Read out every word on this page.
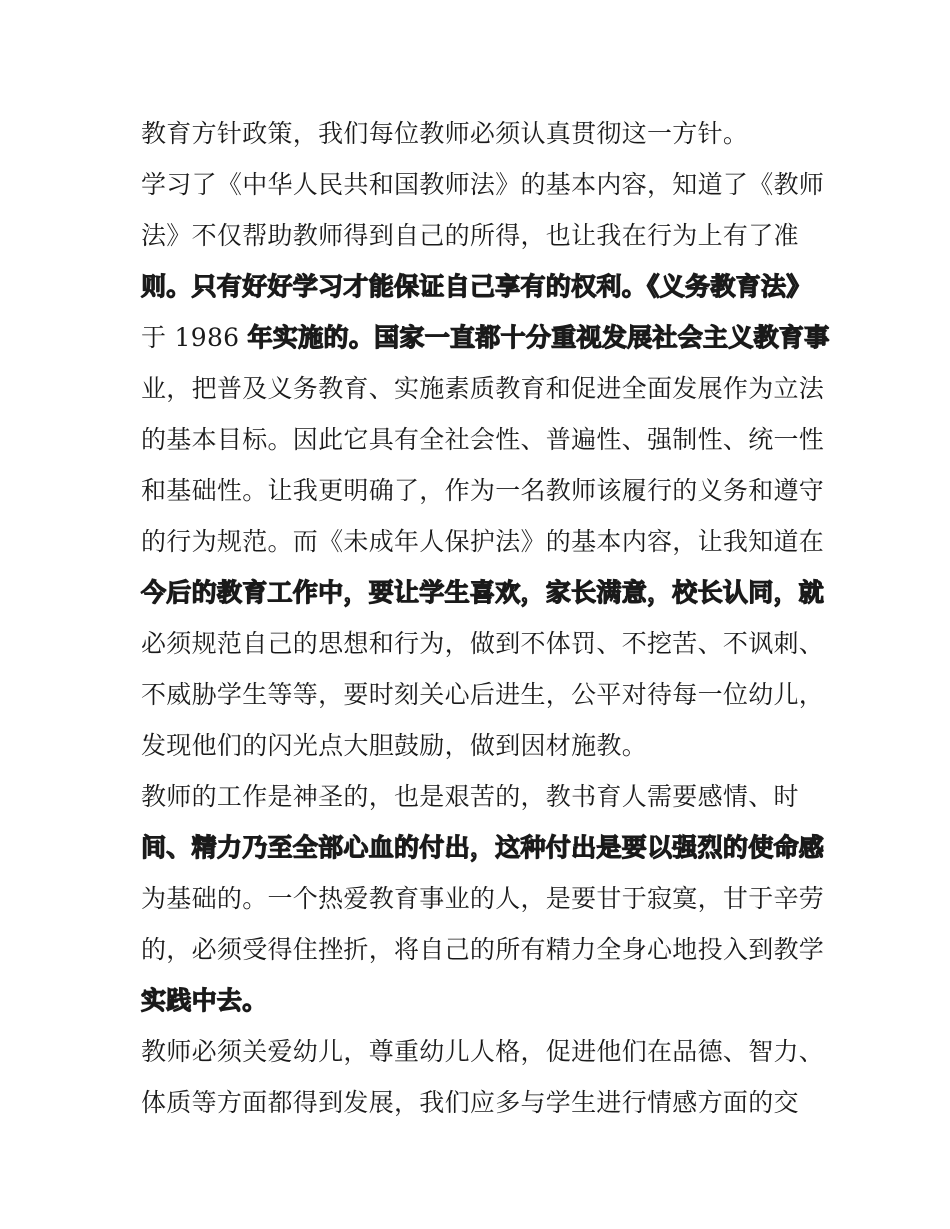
教育方针政策，我们每位教师必须认真贯彻这一方针。
学习了《中华人民共和国教师法》的基本内容，知道了《教师
法》不仅帮助教师得到自己的所得，也让我在行为上有了准
则。只有好好学习才能保证自己享有的权利。《义务教育法》
于 1986 年实施的。国家一直都十分重视发展社会主义教育事
业，把普及义务教育、实施素质教育和促进全面发展作为立法
的基本目标。因此它具有全社会性、普遍性、强制性、统一性
和基础性。让我更明确了，作为一名教师该履行的义务和遵守
的行为规范。而《未成年人保护法》的基本内容，让我知道在
今后的教育工作中，要让学生喜欢，家长满意，校长认同，就
必须规范自己的思想和行为，做到不体罚、不挖苦、不讽刺、
不威胁学生等等，要时刻关心后进生，公平对待每一位幼儿，
发现他们的闪光点大胆鼓励，做到因材施教。
教师的工作是神圣的，也是艰苦的，教书育人需要感情、时
间、精力乃至全部心血的付出，这种付出是要以强烈的使命感
为基础的。一个热爱教育事业的人，是要甘于寂寞，甘于辛劳
的，必须受得住挫折，将自己的所有精力全身心地投入到教学
实践中去。
教师必须关爱幼儿，尊重幼儿人格，促进他们在品德、智力、
体质等方面都得到发展，我们应多与学生进行情感方面的交
